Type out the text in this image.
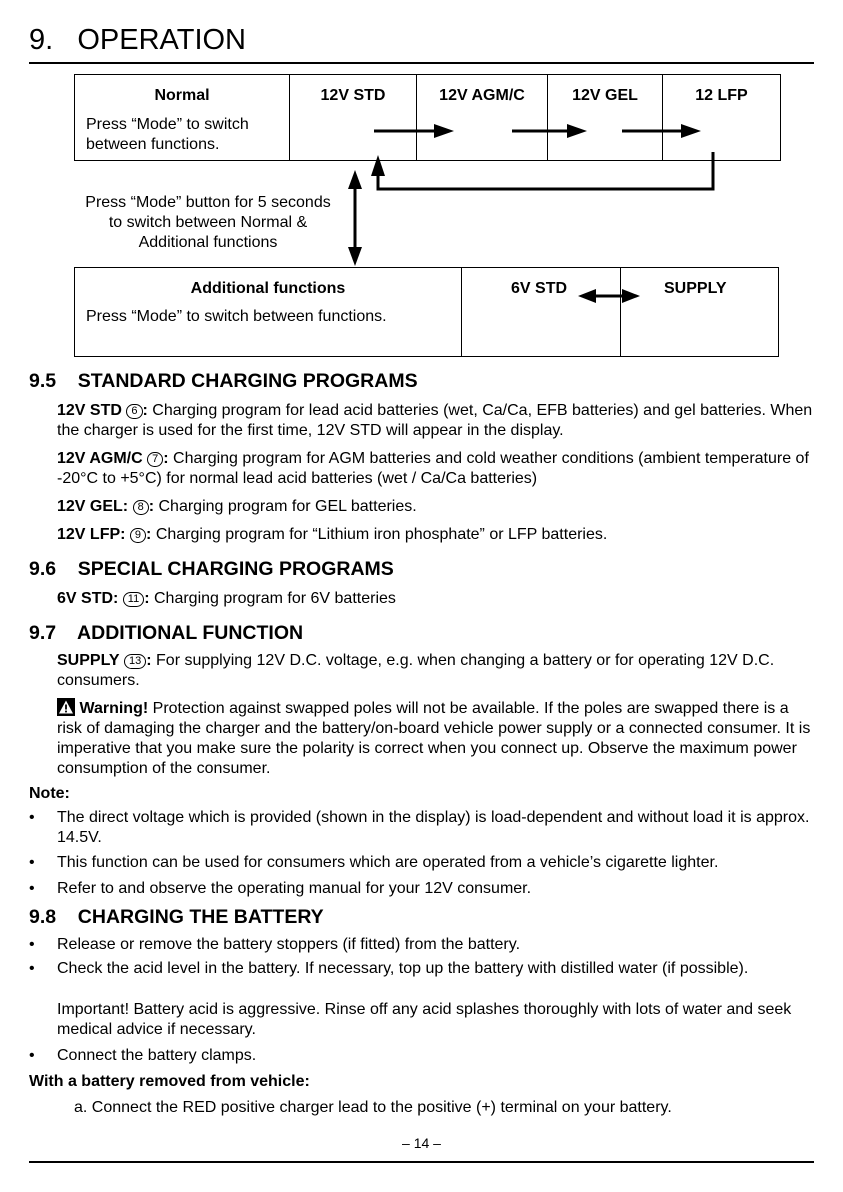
9.   OPERATION
Normal
Press “Mode” to switch
between functions.
12V STD	12V AGM/C	12V GEL	12 LFP
Press “Mode” button for 5 seconds
to switch between Normal &
Additional functions
Additional functions
Press “Mode” to switch between functions.
6V STD	SUPPLY
9.5    STANDARD CHARGING PROGRAMS

12V STD 6 : Charging program for lead acid batteries (wet, Ca/Ca, EFB batteries) and gel batteries. When the charger is used for the first time, 12V STD will appear in the display.

12V AGM/C 7 : Charging program for AGM batteries and cold weather conditions (ambient temperature of -20°C to +5°C) for normal lead acid batteries (wet / Ca/Ca batteries)

12V GEL: 8 : Charging program for GEL batteries.

12V LFP: 9 : Charging program for “Lithium iron phosphate” or LFP batteries.

9.6    SPECIAL CHARGING PROGRAMS

6V STD: 11 : Charging program for 6V batteries

9.7    ADDITIONAL FUNCTION

SUPPLY 13 : For supplying 12V D.C. voltage, e.g. when changing a battery or for operating 12V D.C. consumers.

Warning! Protection against swapped poles will not be available. If the poles are swapped there is a risk of damaging the charger and the battery/on-board vehicle power supply or a connected consumer. It is imperative that you make sure the polarity is correct when you connect up. Observe the maximum power consumption of the consumer.

Note:

• The direct voltage which is provided (shown in the display) is load-dependent and without load it is approx. 14.5V.
• This function can be used for consumers which are operated from a vehicle’s cigarette lighter.
• Refer to and observe the operating manual for your 12V consumer.
9.8    CHARGING THE BATTERY
• Release or remove the battery stoppers (if fitted) from the battery.
• Check the acid level in the battery. If necessary, top up the battery with distilled water (if possible).
Important! Battery acid is aggressive. Rinse off any acid splashes thoroughly with lots of water and seek medical advice if necessary.
• Connect the battery clamps.

With a battery removed from vehicle:

a. Connect the RED positive charger lead to the positive (+) terminal on your battery.
– 14 –
